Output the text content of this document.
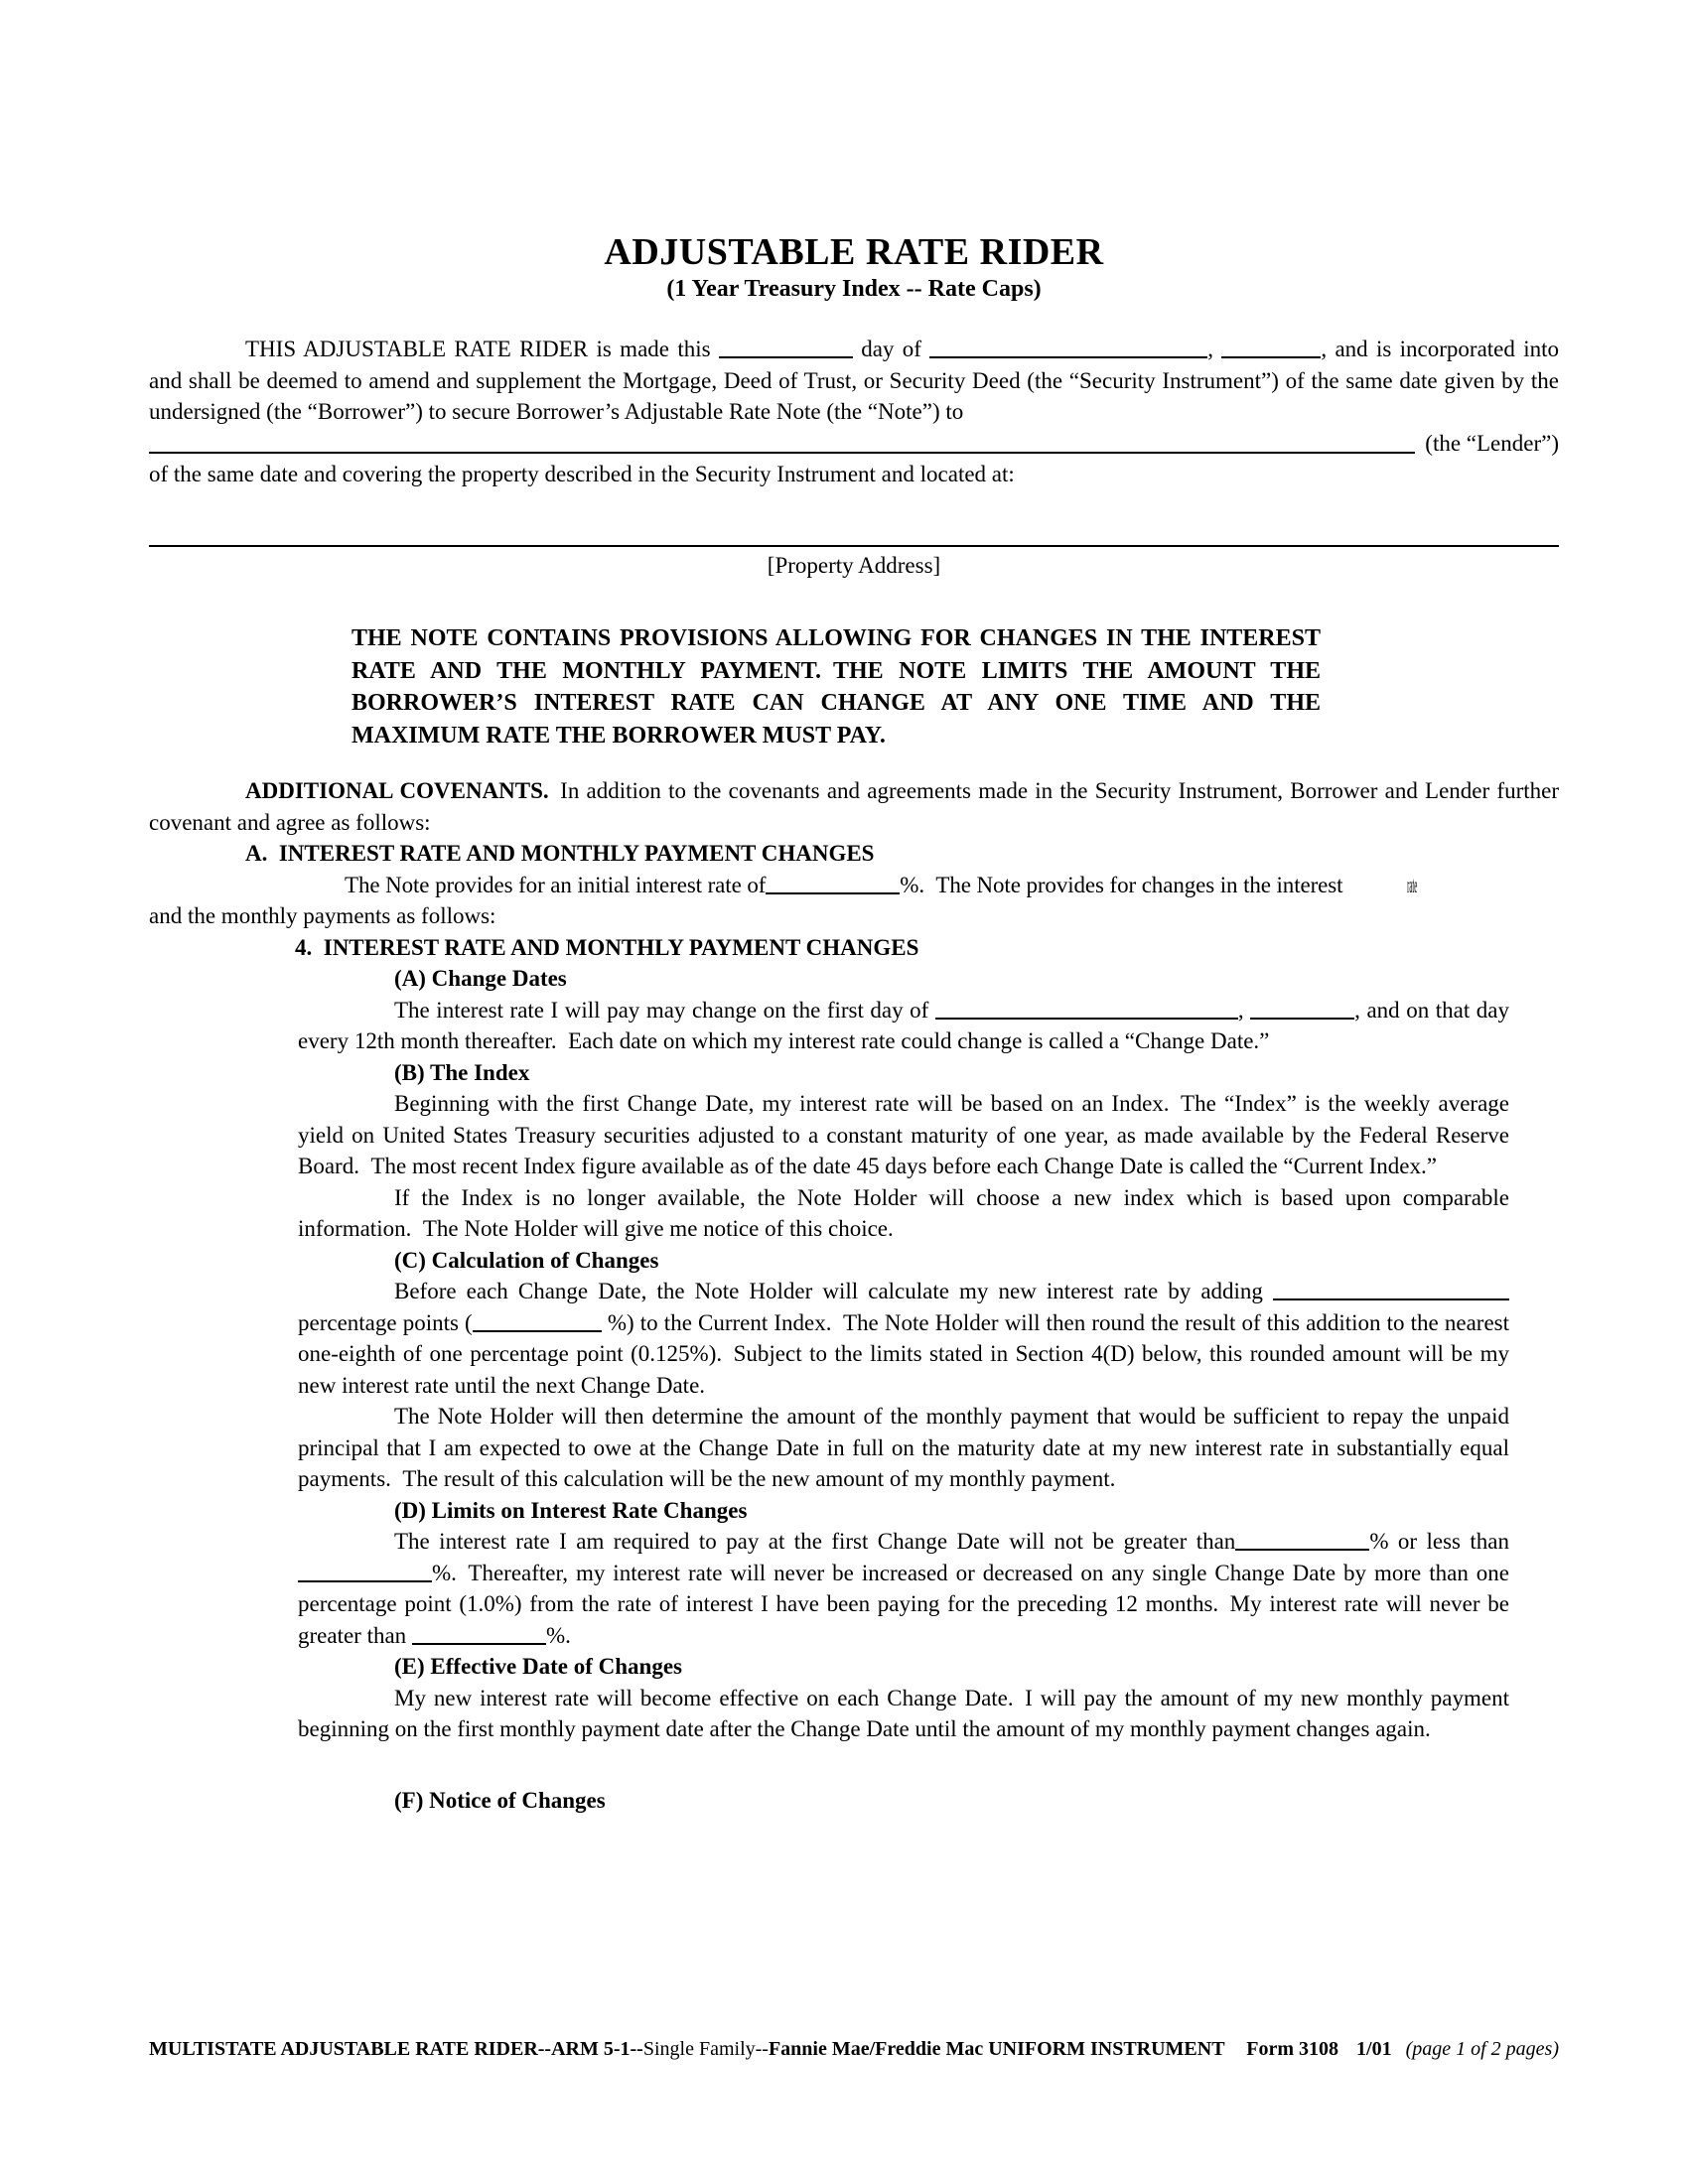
ADJUSTABLE RATE RIDER
(1 Year Treasury Index -- Rate Caps)

THIS ADJUSTABLE RATE RIDER is made this	day of	,	, and is incorporated into and shall be deemed to amend and supplement the Mortgage, Deed of Trust, or Security Deed (the “Security Instrument”) of the same date given by the undersigned (the “Borrower”) to secure Borrower’s Adjustable Rate Note (the “Note”) to

(the “Lender”)

of the same date and covering the property described in the Security Instrument and located at:

[Property Address]

THE NOTE CONTAINS PROVISIONS ALLOWING FOR CHANGES IN THE INTEREST RATE AND THE MONTHLY PAYMENT. THE NOTE LIMITS THE AMOUNT THE BORROWER’S INTEREST RATE CAN CHANGE AT ANY ONE TIME AND THE MAXIMUM RATE THE BORROWER MUST PAY.

ADDITIONAL COVENANTS. In addition to the covenants and agreements made in the Security Instrument, Borrower and Lender further covenant and agree as follows:

A. INTEREST RATE AND MONTHLY PAYMENT CHANGES

The Note provides for an initial interest rate of	%. The Note provides for changes in the interest	rate

and the monthly payments as follows:

4. INTEREST RATE AND MONTHLY PAYMENT CHANGES
(A) Change Dates

The interest rate I will pay may change on the first day of	,	, and on that day every 12th month thereafter. Each date on which my interest rate could change is called a “Change Date.”

(B) The Index

Beginning with the first Change Date, my interest rate will be based on an Index. The “Index” is the weekly average yield on United States Treasury securities adjusted to a constant maturity of one year, as made available by the Federal Reserve Board. The most recent Index figure available as of the date 45 days before each Change Date is called the “Current Index.”

If the Index is no longer available, the Note Holder will choose a new index which is based upon comparable information. The Note Holder will give me notice of this choice.

(C) Calculation of Changes

Before each Change Date, the Note Holder will calculate my new interest rate by adding  percentage points (	%) to the Current Index. The Note Holder will then round the result of this addition to the nearest one-eighth of one percentage point (0.125%). Subject to the limits stated in Section 4(D) below, this rounded amount will be my new interest rate until the next Change Date.

The Note Holder will then determine the amount of the monthly payment that would be sufficient to repay the unpaid principal that I am expected to owe at the Change Date in full on the maturity date at my new interest rate in substantially equal payments. The result of this calculation will be the new amount of my monthly payment.

(D) Limits on Interest Rate Changes

The interest rate I am required to pay at the first Change Date will not be greater than	% or less than %. Thereafter, my interest rate will never be increased or decreased on any single Change Date by more than one percentage point (1.0%) from the rate of interest I have been paying for the preceding 12 months. My interest rate will never be greater than	%.

(E) Effective Date of Changes

My new interest rate will become effective on each Change Date. I will pay the amount of my new monthly payment beginning on the first monthly payment date after the Change Date until the amount of my monthly payment changes again.

(F) Notice of Changes
MULTISTATE ADJUSTABLE RATE RIDER--ARM 5-1-- Single Family-- Fannie Mae/Freddie Mac UNIFORM INSTRUMENT Form 3108 1/01 (page 1 of 2 pages)
